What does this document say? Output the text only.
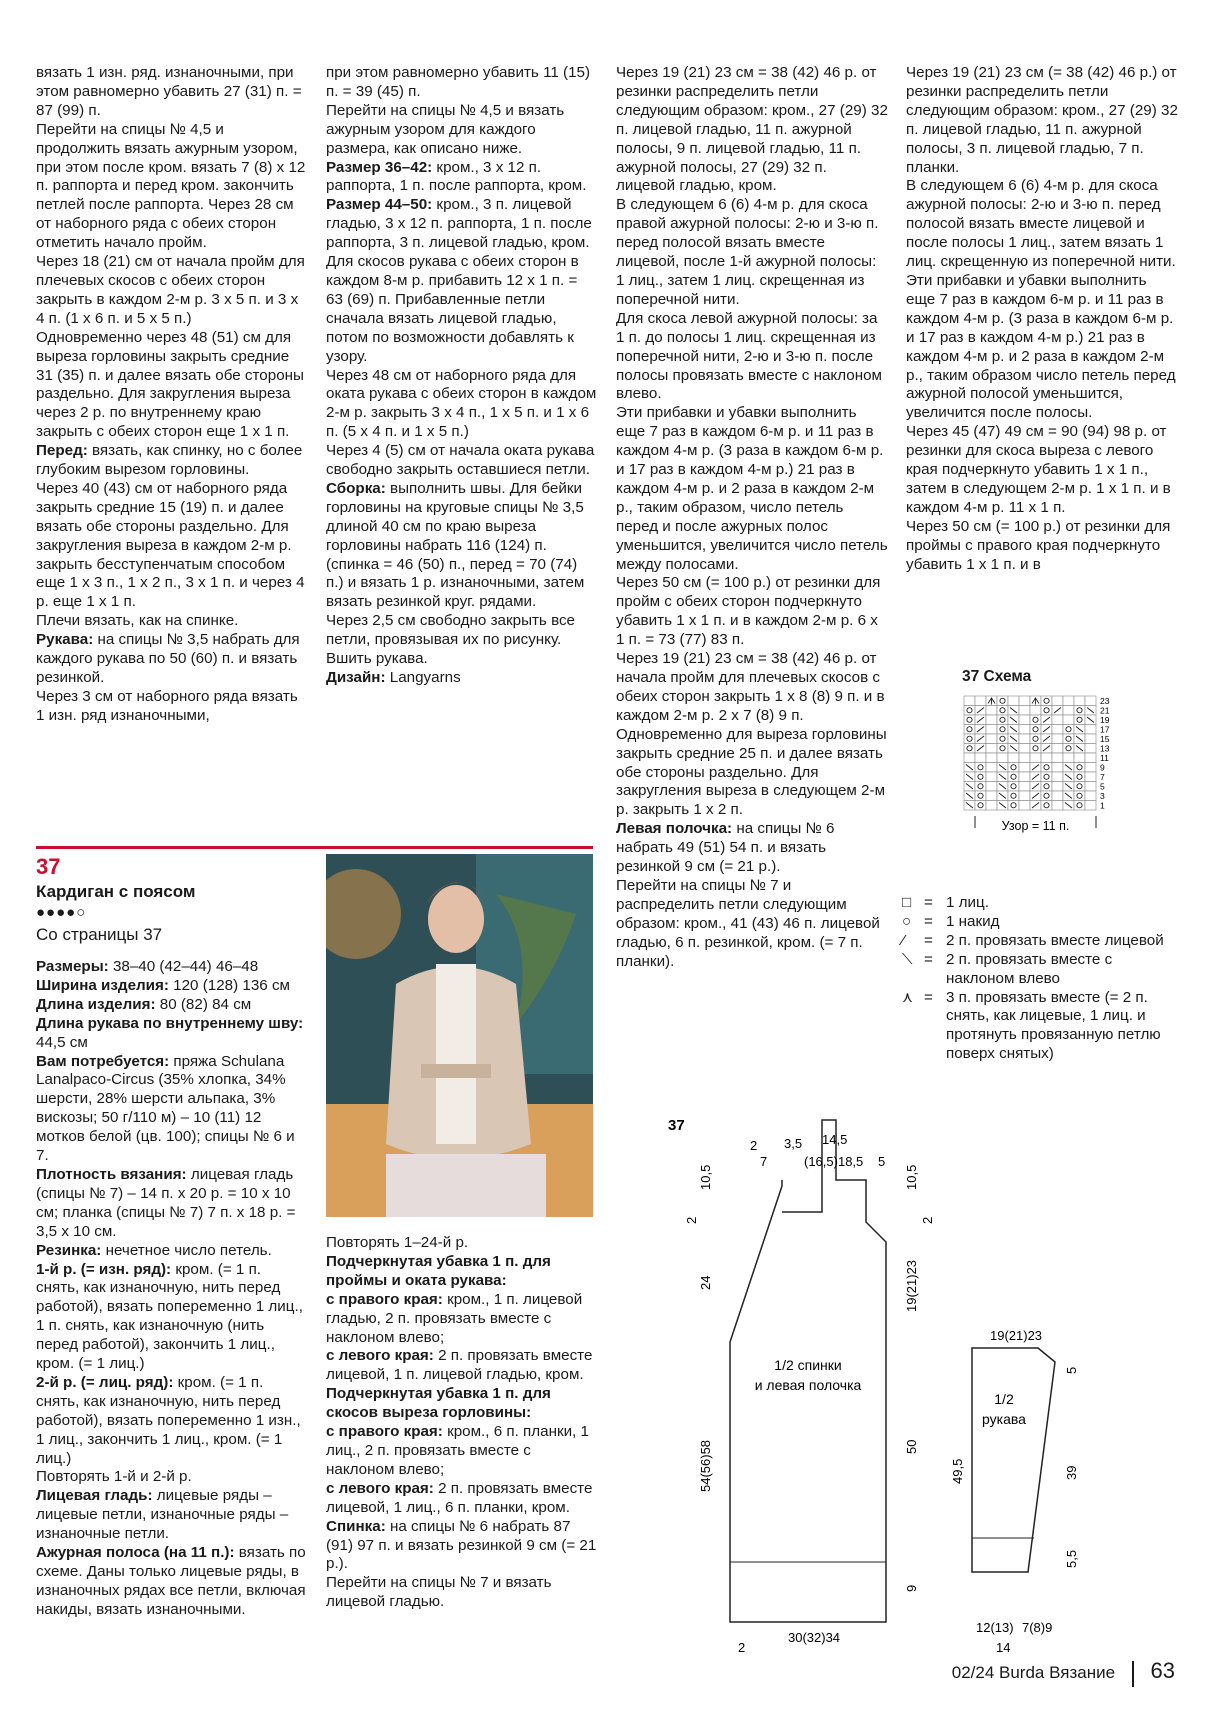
вязать 1 изн. ряд. изнаночными, при этом равномерно убавить 27 (31) п. = 87 (99) п.

Перейти на спицы № 4,5 и продолжить вязать ажурным узором, при этом после кром. вязать 7 (8) х 12 п. раппорта и перед кром. закончить петлей после раппорта. Через 28 см от наборного ряда с обеих сторон отметить начало пройм.

Через 18 (21) см от начала пройм для плечевых скосов с обеих сторон закрыть в каждом 2-м р. 3 х 5 п. и 3 х 4 п. (1 х 6 п. и 5 х 5 п.)

Одновременно через 48 (51) см для выреза горловины закрыть средние 31 (35) п. и далее вязать обе стороны раздельно. Для закругления выреза через 2 р. по внутреннему краю закрыть с обеих сторон еще 1 х 1 п.

Перед: вязать, как спинку, но с более глубоким вырезом горловины.

Через 40 (43) см от наборного ряда закрыть средние 15 (19) п. и далее вязать обе стороны раздельно. Для закругления выреза в каждом 2-м р. закрыть бесступенчатым способом еще 1 х 3 п., 1 х 2 п., 3 х 1 п. и через 4 р. еще 1 х 1 п.

Плечи вязать, как на спинке.

Рукава: на спицы № 3,5 набрать для каждого рукава по 50 (60) п. и вязать резинкой.

Через 3 см от наборного ряда вязать 1 изн. ряд изнаночными,

при этом равномерно убавить 11 (15) п. = 39 (45) п.

Перейти на спицы № 4,5 и вязать ажурным узором для каждого размера, как описано ниже.

Размер 36–42: кром., 3 х 12 п. раппорта, 1 п. после раппорта, кром.

Размер 44–50: кром., 3 п. лицевой гладью, 3 х 12 п. раппорта, 1 п. после раппорта, 3 п. лицевой гладью, кром.

Для скосов рукава с обеих сторон в каждом 8-м р. прибавить 12 х 1 п. = 63 (69) п. Прибавленные петли сначала вязать лицевой гладью, потом по возможности добавлять к узору.

Через 48 см от наборного ряда для оката рукава с обеих сторон в каждом 2-м р. закрыть 3 х 4 п., 1 х 5 п. и 1 х 6 п. (5 х 4 п. и 1 х 5 п.)

Через 4 (5) см от начала оката рукава свободно закрыть оставшиеся петли.

Сборка: выполнить швы. Для бейки горловины на круговые спицы № 3,5 длиной 40 см по краю выреза горловины набрать 116 (124) п. (спинка = 46 (50) п., перед = 70 (74) п.) и вязать 1 р. изнаночными, затем вязать резинкой круг. рядами.

Через 2,5 см свободно закрыть все петли, провязывая их по рисунку.

Вшить рукава.

Дизайн: Langyarns

Через 19 (21) 23 см = 38 (42) 46 р. от резинки распределить петли следующим образом: кром., 27 (29) 32 п. лицевой гладью, 11 п. ажурной полосы, 9 п. лицевой гладью, 11 п. ажурной полосы, 27 (29) 32 п. лицевой гладью, кром.

В следующем 6 (6) 4-м р. для скоса правой ажурной полосы: 2-ю и 3-ю п. перед полосой вязать вместе лицевой, после 1-й ажурной полосы: 1 лиц., затем 1 лиц. скрещенная из поперечной нити.

Для скоса левой ажурной полосы: за 1 п. до полосы 1 лиц. скрещенная из поперечной нити, 2-ю и 3-ю п. после полосы провязать вместе с наклоном влево.

Эти прибавки и убавки выполнить еще 7 раз в каждом 6-м р. и 11 раз в каждом 4-м р. (3 раза в каждом 6-м р. и 17 раз в каждом 4-м р.) 21 раз в каждом 4-м р. и 2 раза в каждом 2-м р., таким образом, число петель перед и после ажурных полос уменьшится, увеличится число петель между полосами.

Через 50 см (= 100 р.) от резинки для пройм с обеих сторон подчеркнуто убавить 1 х 1 п. и в каждом 2-м р. 6 х 1 п. = 73 (77) 83 п.

Через 19 (21) 23 см = 38 (42) 46 р. от начала пройм для плечевых скосов с обеих сторон закрыть 1 х 8 (8) 9 п. и в каждом 2-м р. 2 х 7 (8) 9 п. Одновременно для выреза горловины закрыть средние 25 п. и далее вязать обе стороны раздельно. Для закругления выреза в следующем 2-м р. закрыть 1 х 2 п.

Левая полочка: на спицы № 6 набрать 49 (51) 54 п. и вязать резинкой 9 см (= 21 р.).

Перейти на спицы № 7 и распределить петли следующим образом: кром., 41 (43) 46 п. лицевой гладью, 6 п. резинкой, кром. (= 7 п. планки).

Через 19 (21) 23 см (= 38 (42) 46 р.) от резинки распределить петли следующим образом: кром., 27 (29) 32 п. лицевой гладью, 11 п. ажурной полосы, 3 п. лицевой гладью, 7 п. планки.

В следующем 6 (6) 4-м р. для скоса ажурной полосы: 2-ю и 3-ю п. перед полосой вязать вместе лицевой и после полосы 1 лиц., затем вязать 1 лиц. скрещенную из поперечной нити. Эти прибавки и убавки выполнить еще 7 раз в каждом 6-м р. и 11 раз в каждом 4-м р. (3 раза в каждом 6-м р. и 17 раз в каждом 4-м р.) 21 раз в каждом 4-м р. и 2 раза в каждом 2-м р., таким образом число петель перед ажурной полосой уменьшится, увеличится после полосы.

Через 45 (47) 49 см = 90 (94) 98 р. от резинки для скоса выреза с левого края подчеркнуто убавить 1 х 1 п., затем в следующем 2-м р. 1 х 1 п. и в каждом 4-м р. 11 х 1 п.

Через 50 см (= 100 р.) от резинки для проймы с правого края подчеркнуто убавить 1 х 1 п. и в

37
Кардиган с поясом
●●●●○
Со страницы 37

Размеры: 38–40 (42–44) 46–48

Ширина изделия: 120 (128) 136 см

Длина изделия: 80 (82) 84 см

Длина рукава по внутреннему шву: 44,5 см

Вам потребуется: пряжа Schulana Lanalpaco-Circus (35% хлопка, 34% шерсти, 28% шерсти альпака, 3% вискозы; 50 г/110 м) – 10 (11) 12 мотков белой (цв. 100); спицы № 6 и 7.

Плотность вязания: лицевая гладь (спицы № 7) – 14 п. х 20 р. = 10 х 10 см; планка (спицы № 7) 7 п. х 18 р. = 3,5 х 10 см.

Резинка: нечетное число петель.

1-й р. (= изн. ряд): кром. (= 1 п. снять, как изнаночную, нить перед работой), вязать попеременно 1 лиц., 1 п. снять, как изнаночную (нить перед работой), закончить 1 лиц., кром. (= 1 лиц.)

2-й р. (= лиц. ряд): кром. (= 1 п. снять, как изнаночную, нить перед работой), вязать попеременно 1 изн., 1 лиц., закончить 1 лиц., кром. (= 1 лиц.)

Повторять 1-й и 2-й р.

Лицевая гладь: лицевые ряды – лицевые петли, изнаночные ряды – изнаночные петли.

Ажурная полоса (на 11 п.): вязать по схеме. Даны только лицевые ряды, в изнаночных рядах все петли, включая накиды, вязать изнаночными.

Повторять 1–24-й р.

Подчеркнутая убавка 1 п. для проймы и оката рукава:

с правого края: кром., 1 п. лицевой гладью, 2 п. провязать вместе с наклоном влево;

с левого края: 2 п. провязать вместе лицевой, 1 п. лицевой гладью, кром.

Подчеркнутая убавка 1 п. для скосов выреза горловины:

с правого края: кром., 6 п. планки, 1 лиц., 2 п. провязать вместе с наклоном влево;

с левого края: 2 п. провязать вместе лицевой, 1 лиц., 6 п. планки, кром.

Спинка: на спицы № 6 набрать 87 (91) 97 п. и вязать резинкой 9 см (= 21 р.).

Перейти на спицы № 7 и вязать лицевой гладью.

37 Схема
23
21
19
17
15
13
11
9
7
5
3
1
Узор = 11 п.
□ = 1 лиц.
○ = 1 накид
⁄	= 2 п. провязать вместе лицевой
⟍ = 2 п. провязать вместе с наклоном влево
⋏ = 3 п. провязать вместе (= 2 п. снять, как лицевые, 1 лиц. и протянуть провязанную петлю поверх снятых)
37
1/2 спинки
и левая полочка
2 3,5 14,5
7	(16,5)18,5 5
10,5
2
24
54(56)58
10,5
2
19(21)23
50
9
30(32)34
2
1/2
рукава
19(21)23
49,5
5
39
5,5
12(13) 7(8)9
14
02/24 Burda Вязание 63
